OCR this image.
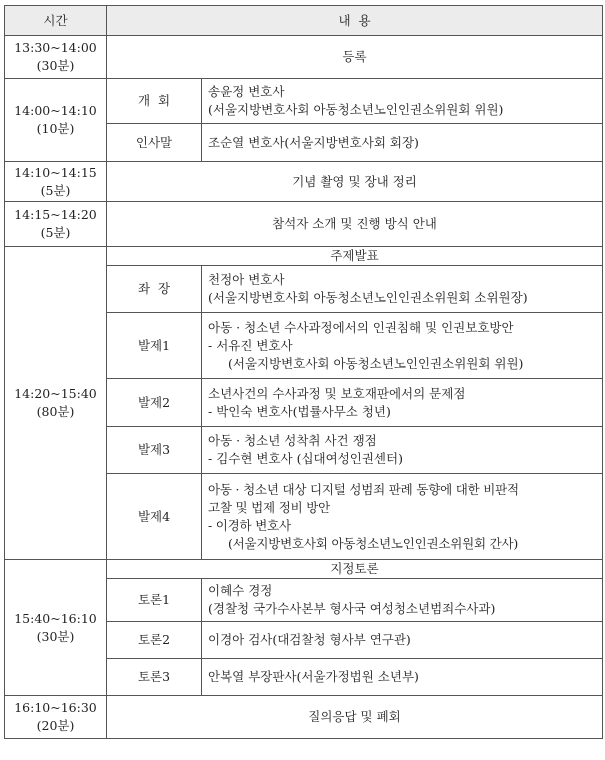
시간	내  용	

13:30~14:00
(30분)	등록	

14:00~14:10
(10분)	개  회	송윤정 변호사
(서울지방변호사회 아동청소년노인인권소위원회 위원)

	인사말	조순열 변호사(서울지방변호사회 회장)

14:10~14:15
(5분)	기념 촬영 및 장내 정리	

14:15~14:20
(5분)	참석자 소개 및 진행 방식 안내	

14:20~15:40
(80분)	주제발표	
	좌  장	천정아 변호사
(서울지방변호사회 아동청소년노인인권소위원회 소위원장)

	발제1	아동 · 청소년 수사과정에서의 인권침해 및 인권보호방안
- 서유진 변호사
(서울지방변호사회 아동청소년노인인권소위원회 위원)

	발제2	소년사건의 수사과정 및 보호재판에서의 문제점
- 박인숙 변호사(법률사무소 청년)

	발제3	아동 · 청소년 성착취 사건 쟁점
- 김수현 변호사 (십대여성인권센터)

	발제4	아동 · 청소년 대상 디지털 성범죄 판례 동향에 대한 비판적
고찰 및 법제 정비 방안
- 이경하 변호사
(서울지방변호사회 아동청소년노인인권소위원회 간사)

15:40~16:10
(30분)	지정토론	
	토론1	이혜수 경정
(경찰청 국가수사본부 형사국 여성청소년범죄수사과)

	토론2	이경아 검사(대검찰청 형사부 연구관)

	토론3	안복열 부장판사(서울가정법원 소년부)

16:10~16:30
(20분)	질의응답 및 폐회	
